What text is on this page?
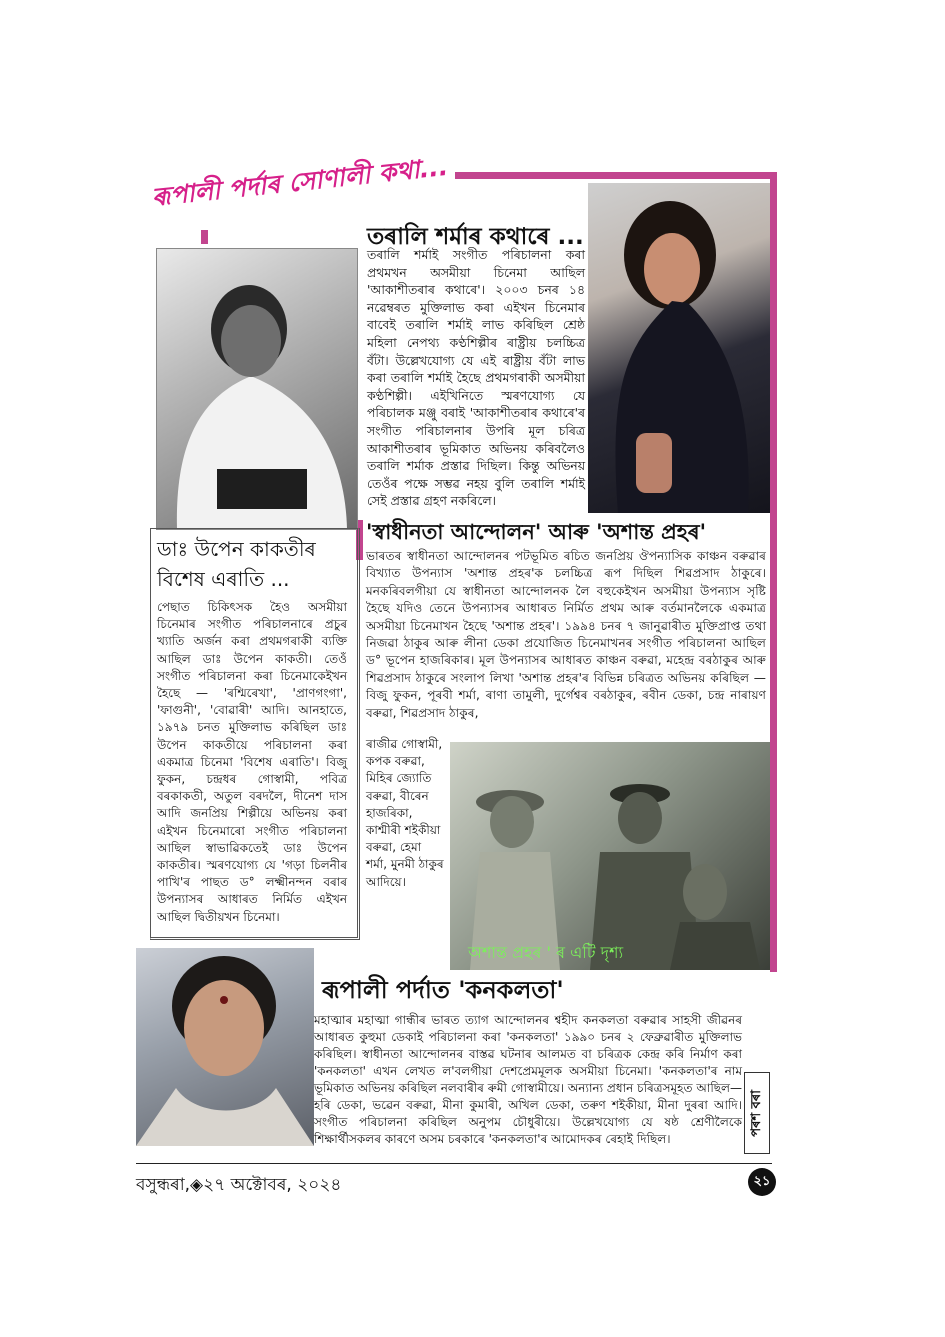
ৰূপালী পৰ্দাৰ সোণালী কথা...
তৰালি শৰ্মাৰ কথাৰে ...
তৰালি শৰ্মাই সংগীত পৰিচালনা কৰা প্ৰথমখন অসমীয়া চিনেমা আছিল 'আকাশীতৰাৰ কথাৰে'। ২০০৩ চনৰ ১৪ নৱেম্বৰত মুক্তিলাভ কৰা এইখন চিনেমাৰ বাবেই তৰালি শৰ্মাই লাভ কৰিছিল শ্ৰেষ্ঠ মহিলা নেপথ্য কণ্ঠশিল্পীৰ ৰাষ্ট্ৰীয় চলচ্চিত্ৰ বঁটা। উল্লেখযোগ্য যে এই ৰাষ্ট্ৰীয় বঁটা লাভ কৰা তৰালি শৰ্মাই হৈছে প্ৰথমগৰাকী অসমীয়া কণ্ঠশিল্পী। এইখিনিতে স্মৰণযোগ্য যে পৰিচালক মঞ্জু বৰাই 'আকাশীতৰাৰ কথাৰে'ৰ সংগীত পৰিচালনাৰ উপৰি মূল চৰিত্ৰ আকাশীতৰাৰ ভূমিকাত অভিনয় কৰিবলৈও তৰালি শৰ্মাক প্ৰস্তাৱ দিছিল। কিন্তু অভিনয় তেওঁৰ পক্ষে সম্ভৱ নহয় বুলি তৰালি শৰ্মাই সেই প্ৰস্তাৱ গ্ৰহণ নকৰিলে।
ডাঃ উপেন কাকতীৰ
বিশেষ এৰাতি ...
পেছাত চিকিৎসক হৈও অসমীয়া চিনেমাৰ সংগীত পৰিচালনাৰে প্ৰচুৰ খ্যাতি অৰ্জন কৰা প্ৰথমগৰাকী ব্যক্তি আছিল ডাঃ উপেন কাকতী। তেওঁ সংগীত পৰিচালনা কৰা চিনেমাকেইখন হৈছে — 'ৰশ্মিৰেখা', 'প্ৰাণগংগা', 'ফাগুনী', 'বোৱাৰী' আদি। আনহাতে, ১৯৭৯ চনত মুক্তিলাভ কৰিছিল ডাঃ উপেন কাকতীয়ে পৰিচালনা কৰা একমাত্ৰ চিনেমা 'বিশেষ এৰাতি'। বিজু ফুকন, চন্দ্ৰধৰ গোস্বামী, পবিত্ৰ বৰকাকতী, অতুল বৰদলৈ, দীনেশ দাস আদি জনপ্ৰিয় শিল্পীয়ে অভিনয় কৰা এইখন চিনেমাৰো সংগীত পৰিচালনা আছিল স্বাভাৱিকতেই ডাঃ উপেন কাকতীৰ। স্মৰণযোগ্য যে 'গড়া চিলনীৰ পাখি'ৰ পাছত ড° লক্ষ্মীনন্দন বৰাৰ উপন্যাসৰ আধাৰত নিৰ্মিত এইখন আছিল দ্বিতীয়খন চিনেমা।
'স্বাধীনতা আন্দোলন' আৰু 'অশান্ত প্ৰহৰ'
ভাৰতৰ স্বাধীনতা আন্দোলনৰ পটভূমিত ৰচিত জনপ্ৰিয় ঔপন্যাসিক কাঞ্চন বৰুৱাৰ বিখ্যাত উপন্যাস 'অশান্ত প্ৰহৰ'ক চলচ্চিত্ৰ ৰূপ দিছিল শিৱপ্ৰসাদ ঠাকুৰে। মনকৰিবলগীয়া যে স্বাধীনতা আন্দোলনক লৈ বহুকেইখন অসমীয়া উপন্যাস সৃষ্টি হৈছে যদিও তেনে উপন্যাসৰ আধাৰত নিৰ্মিত প্ৰথম আৰু বৰ্তমানলৈকে একমাত্ৰ অসমীয়া চিনেমাখন হৈছে 'অশান্ত প্ৰহৰ'। ১৯৯৪ চনৰ ৭ জানুৱাৰীত মুক্তিপ্ৰাপ্ত তথা নিজৱা ঠাকুৰ আৰু লীনা ডেকা প্ৰযোজিত চিনেমাখনৰ সংগীত পৰিচালনা আছিল ড° ভূপেন হাজৰিকাৰ। মূল উপন্যাসৰ আধাৰত কাঞ্চন বৰুৱা, মহেন্দ্ৰ বৰঠাকুৰ আৰু শিৱপ্ৰসাদ ঠাকুৰে সংলাপ লিখা 'অশান্ত প্ৰহৰ'ৰ বিভিন্ন চৰিত্ৰত অভিনয় কৰিছিল — বিজু ফুকন, পূৰবী শৰ্মা, ৰাণা তামুলী, দুৰ্গেশ্বৰ বৰঠাকুৰ, ৰবীন ডেকা, চন্দ্ৰ নাৰায়ণ বৰুৱা, শিৱপ্ৰসাদ ঠাকুৰ,
ৰাজীৱ গোস্বামী, কপক বৰুৱা, মিহিৰ জ্যোতি বৰুৱা, বীৰেন হাজৰিকা, কাশ্মীৰী শইকীয়া বৰুৱা, হেমা শৰ্মা, মুনমী ঠাকুৰ আদিয়ে।
অশান্ত প্ৰহৰ ' ৰ এটি দৃশ্য
ৰূপালী পৰ্দাত 'কনকলতা'
মহাত্মাৰ মহাত্মা গান্ধীৰ ভাৰত ত্যাগ আন্দোলনৰ শ্বহীদ কনকলতা বৰুৱাৰ সাহসী জীৱনৰ আধাৰত কুহুমা ডেকাই পৰিচালনা কৰা 'কনকলতা' ১৯৯০ চনৰ ২ ফেব্ৰুৱাৰীত মুক্তিলাভ কৰিছিল। স্বাধীনতা আন্দোলনৰ বাস্তৱ ঘটনাৰ আলমত বা চৰিত্ৰক কেন্দ্ৰ কৰি নিৰ্মাণ কৰা 'কনকলতা' এখন লেখত ল'বলগীয়া দেশপ্ৰেমমূলক অসমীয়া চিনেমা। 'কনকলতা'ৰ নাম ভূমিকাত অভিনয় কৰিছিল নলবাৰীৰ ৰুমী গোস্বামীয়ে। অন্যান্য প্ৰধান চৰিত্ৰসমূহত আছিল— হৰি ডেকা, ভৱেন বৰুৱা, মীনা কুমাৰী, অখিল ডেকা, তৰুণ শইকীয়া, মীনা দুৰৰা আদি। সংগীত পৰিচালনা কৰিছিল অনুপম চৌধুৰীয়ে। উল্লেখযোগ্য যে ষষ্ঠ শ্ৰেণীলৈকে শিক্ষাৰ্থীসকলৰ কাৰণে অসম চৰকাৰে 'কনকলতা'ৰ আমোদকৰ ৰেহাই দিছিল।
পৰশ বৰা
বসুন্ধৰা,◈২৭ অক্টোবৰ, ২০২৪	২১
